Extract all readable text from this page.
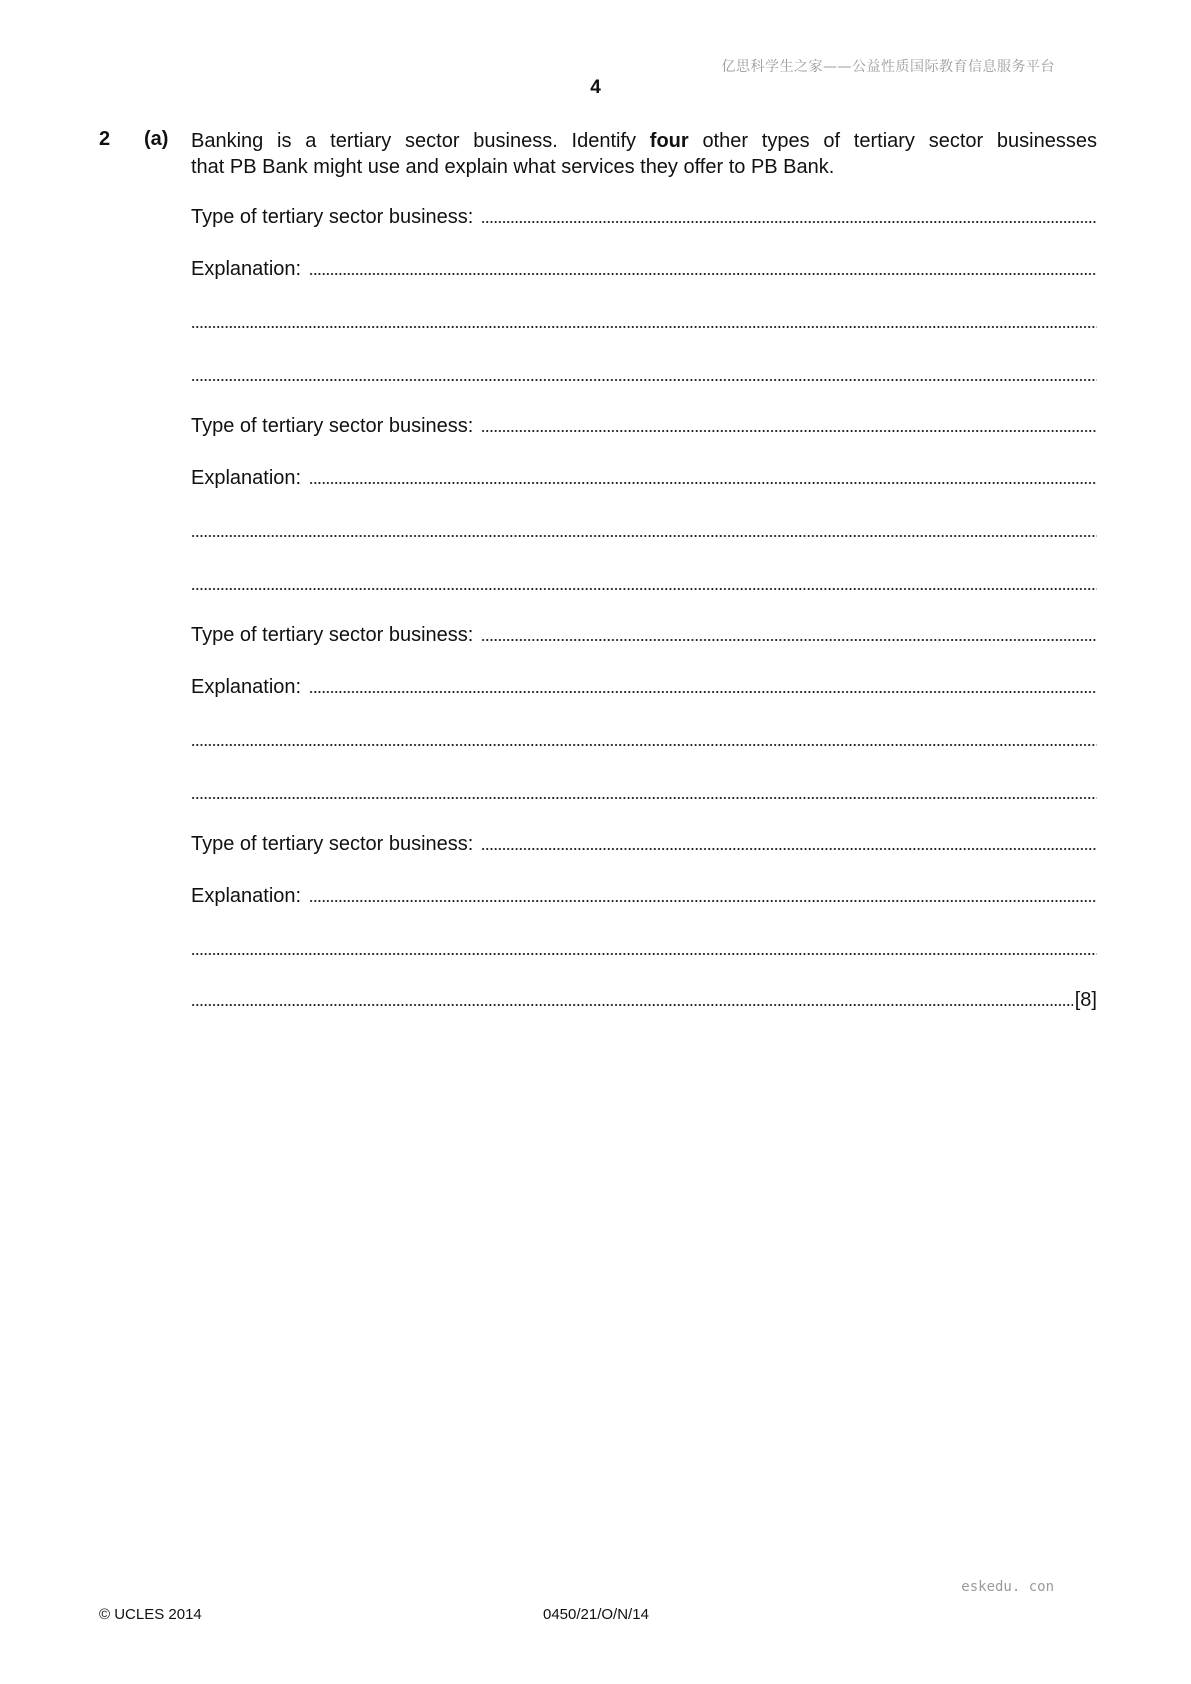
亿思科学生之家——公益性质国际教育信息服务平台
4
2 (a) Banking is a tertiary sector business. Identify four other types of tertiary sector businesses
that PB Bank might use and explain what services they offer to PB Bank.
Type of tertiary sector business:
Explanation:
Type of tertiary sector business:
Explanation:
Type of tertiary sector business:
Explanation:
Type of tertiary sector business:
Explanation:
[8]
eskedu. con
© UCLES 2014	0450/21/O/N/14
